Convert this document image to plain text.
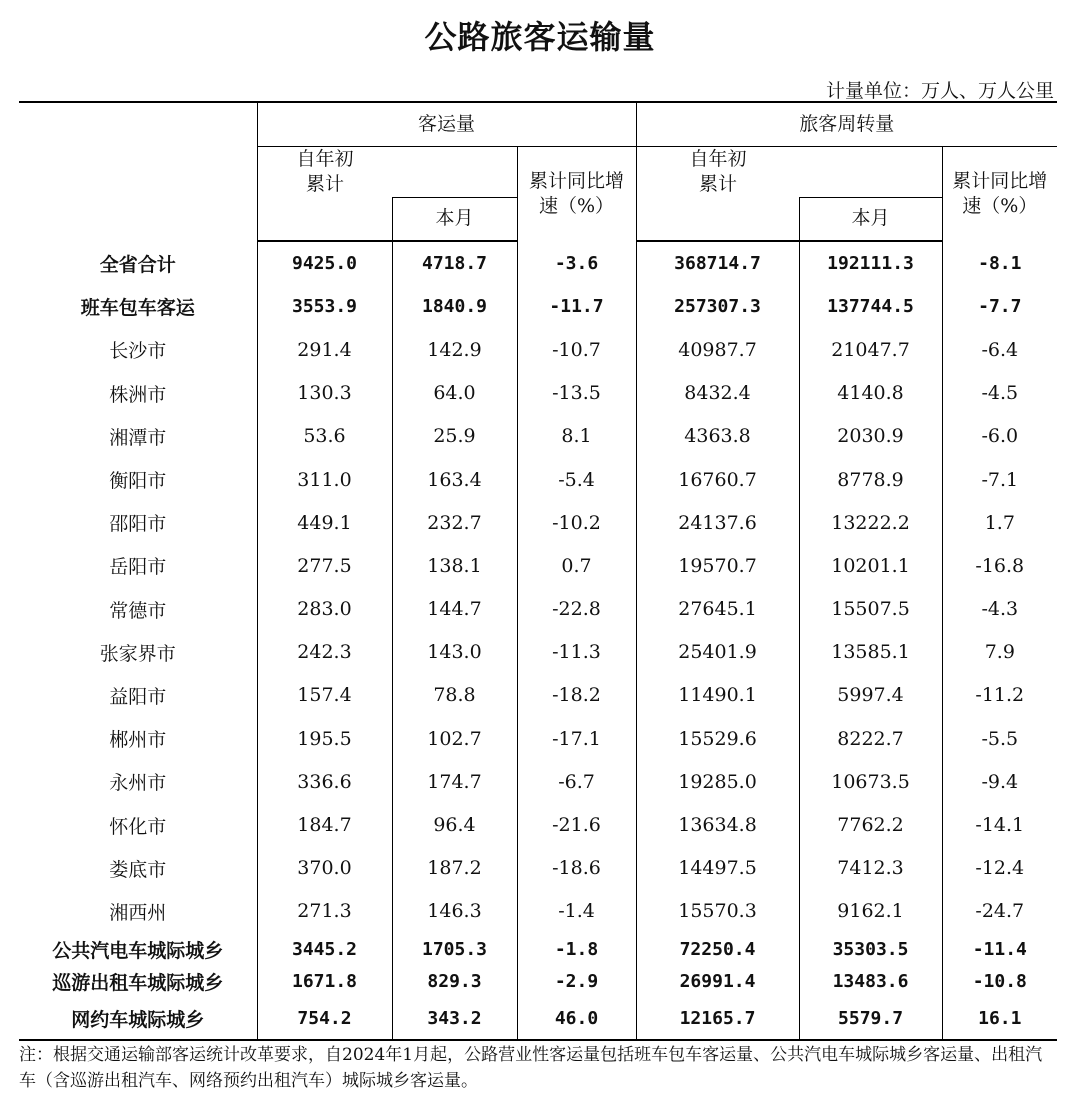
公路旅客运输量
计量单位：万人、万人公里
	客运量			旅客周转量		

	自年初累计		累计同比增速（%）	自年初累计		累计同比增速（%）
		本月			本月	
全省合计	9425.0	4718.7	-3.6	368714.7	192111.3	-8.1
班车包车客运	3553.9	1840.9	-11.7	257307.3	137744.5	-7.7
长沙市	291.4	142.9	-10.7	40987.7	21047.7	-6.4
株洲市	130.3	64.0	-13.5	8432.4	4140.8	-4.5
湘潭市	53.6	25.9	8.1	4363.8	2030.9	-6.0
衡阳市	311.0	163.4	-5.4	16760.7	8778.9	-7.1
邵阳市	449.1	232.7	-10.2	24137.6	13222.2	1.7
岳阳市	277.5	138.1	0.7	19570.7	10201.1	-16.8
常德市	283.0	144.7	-22.8	27645.1	15507.5	-4.3
张家界市	242.3	143.0	-11.3	25401.9	13585.1	7.9
益阳市	157.4	78.8	-18.2	11490.1	5997.4	-11.2
郴州市	195.5	102.7	-17.1	15529.6	8222.7	-5.5
永州市	336.6	174.7	-6.7	19285.0	10673.5	-9.4
怀化市	184.7	96.4	-21.6	13634.8	7762.2	-14.1
娄底市	370.0	187.2	-18.6	14497.5	7412.3	-12.4
湘西州	271.3	146.3	-1.4	15570.3	9162.1	-24.7
公共汽电车城际城乡	3445.2	1705.3	-1.8	72250.4	35303.5	-11.4
巡游出租车城际城乡	1671.8	829.3	-2.9	26991.4	13483.6	-10.8
网约车城际城乡	754.2	343.2	46.0	12165.7	5579.7	16.1
注：根据交通运输部客运统计改革要求，自2024年1月起，公路营业性客运量包括班车包车客运量、公共汽电车城际城乡客运量、出租汽车（含巡游出租汽车、网络预约出租汽车）城际城乡客运量。
